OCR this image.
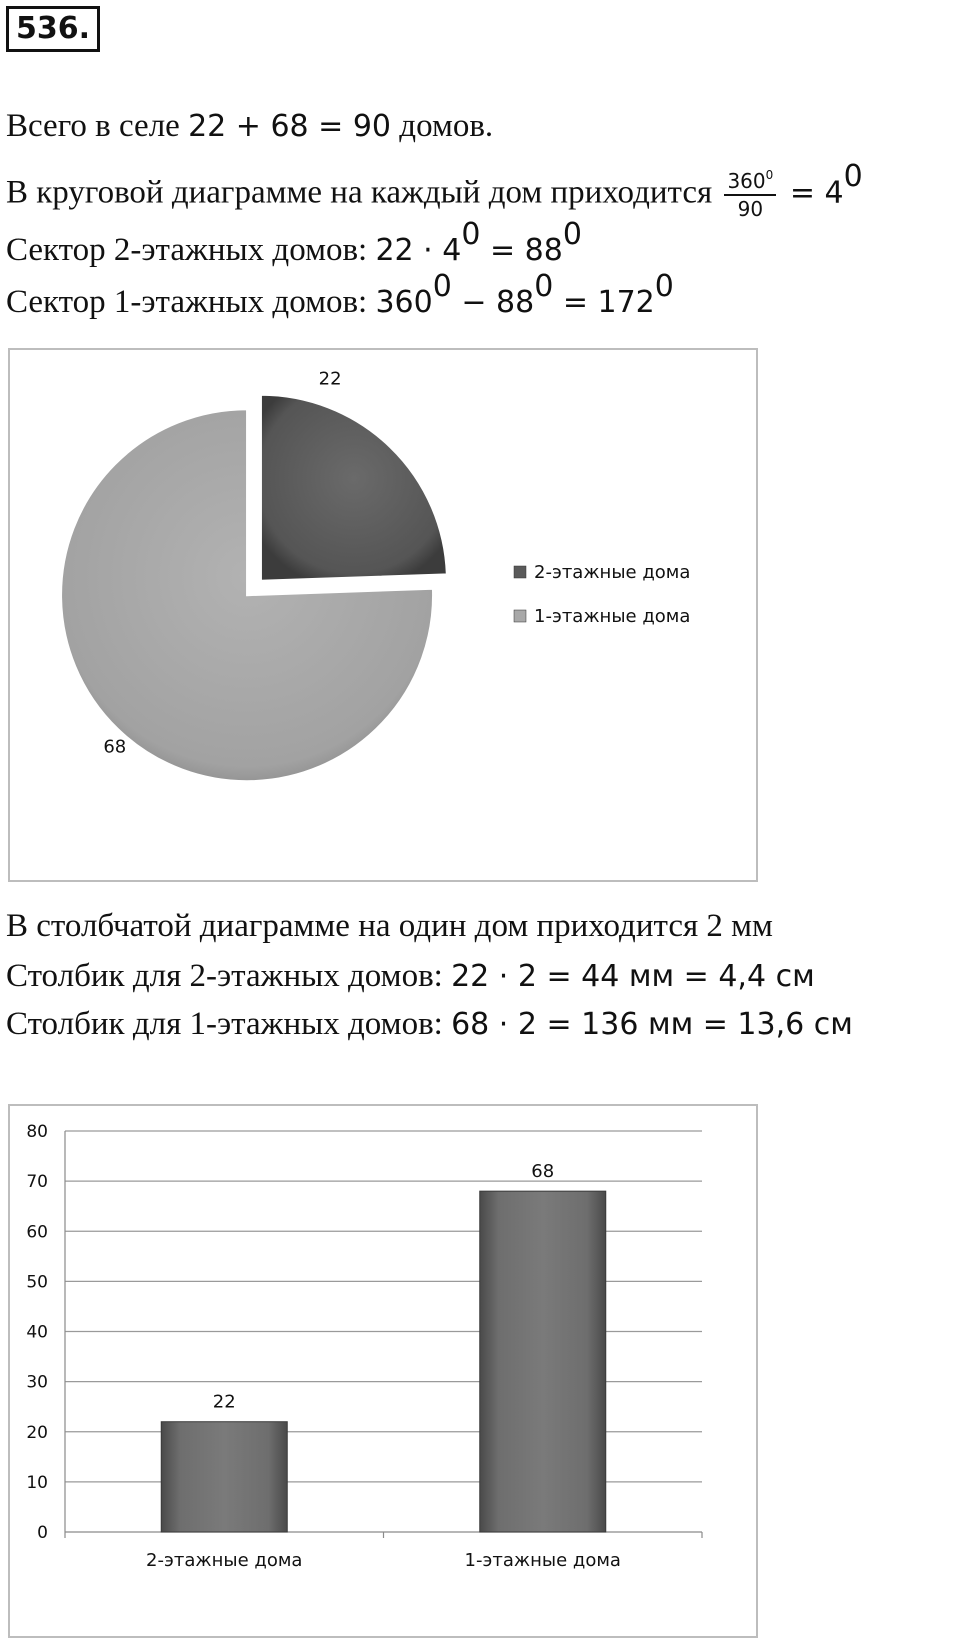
536.
Всего в селе 22 + 68 = 90 домов.
В круговой диаграмме на каждый дом приходится $\frac{360^0}{90} = 4^0$
Сектор 2-этажных домов: $22 \cdot 4^0 = 88^0$
Сектор 1-этажных домов: $360^0 - 88^0 = 172^0$
22
68
2-этажные дома
1-этажные дома
В столбчатой диаграмме на один дом приходится 2 мм
Столбик для 2-этажных домов: 22 · 2 = 44 мм = 4,4 см
Столбик для 1-этажных домов: 68 · 2 = 136 мм = 13,6 см
0
10
20
30
40
50
60
70
80
22
2-этажные дома
68
1-этажные дома
